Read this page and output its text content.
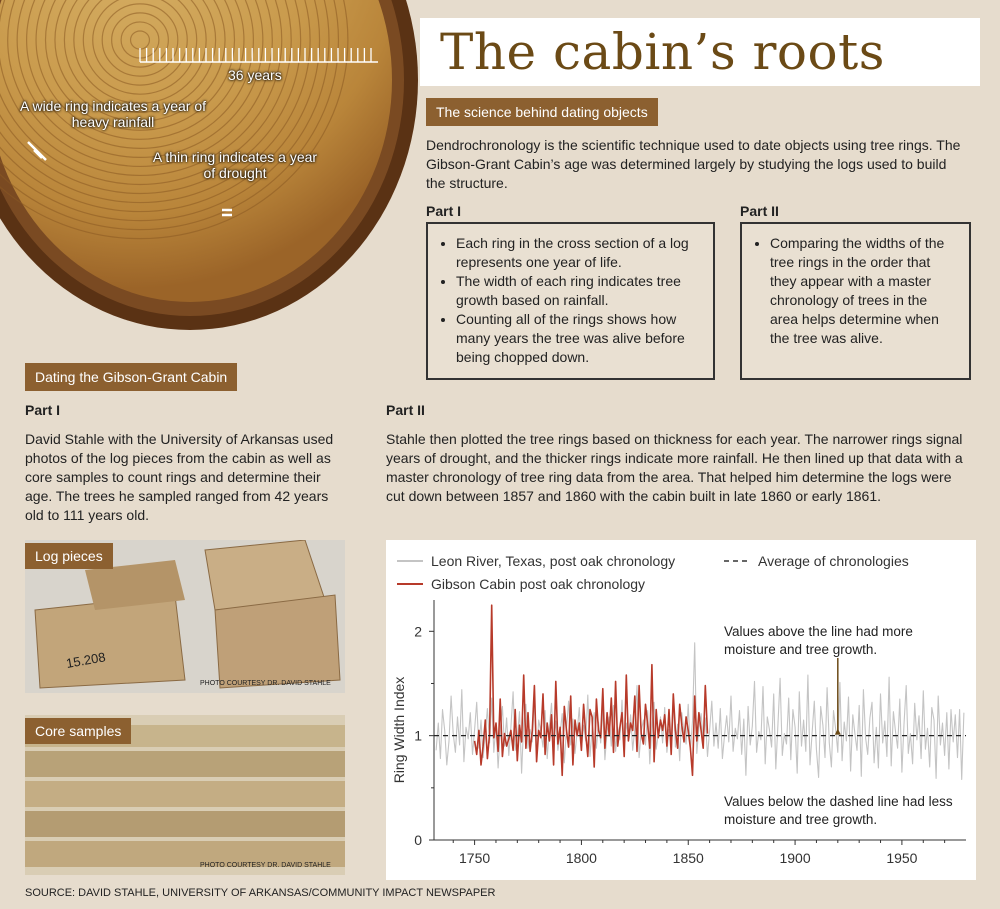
36 years
A wide ring indicates a year of heavy rainfall
A thin ring indicates a year of drought
The cabin’s roots
The science behind dating objects
Dendrochronology is the scientific technique used to date objects using tree rings. The Gibson-Grant Cabin’s age was determined largely by studying the logs used to build the structure.
Part I	Part II
• Each ring in the cross section of a log represents one year of life.
• The width of each ring indicates tree growth based on rainfall.
• Counting all of the rings shows how many years the tree was alive before being chopped down.
• Comparing the widths of the tree rings in the order that they appear with a master chronology of trees in the area helps determine when the tree was alive.
Dating the Gibson-Grant Cabin
Part I
David Stahle with the University of Arkansas used photos of the log pieces from the cabin as well as core samples to count rings and determine their age. The trees he sampled ranged from 42 years old to 111 years old.
Part II
Stahle then plotted the tree rings based on thickness for each year. The narrower rings signal years of drought, and the thicker rings indicate more rainfall. He then lined up that data with a master chronology of tree ring data from the area. That helped him determine the logs were cut down between 1857 and 1860 with the cabin built in late 1860 or early 1861.
15.208
Log pieces
PHOTO COURTESY DR. DAVID STAHLE
Core samples
PHOTO COURTESY DR. DAVID STAHLE
Leon River, Texas, post oak chronology
Gibson Cabin post oak chronology
Average of chronologies
1750	1800	1850	1900	1950
0
1
2
Ring Width Index
Values above the line had more moisture and tree growth.
Values below the dashed line had less moisture and tree growth.
SOURCE: DAVID STAHLE, UNIVERSITY OF ARKANSAS/COMMUNITY IMPACT NEWSPAPER
